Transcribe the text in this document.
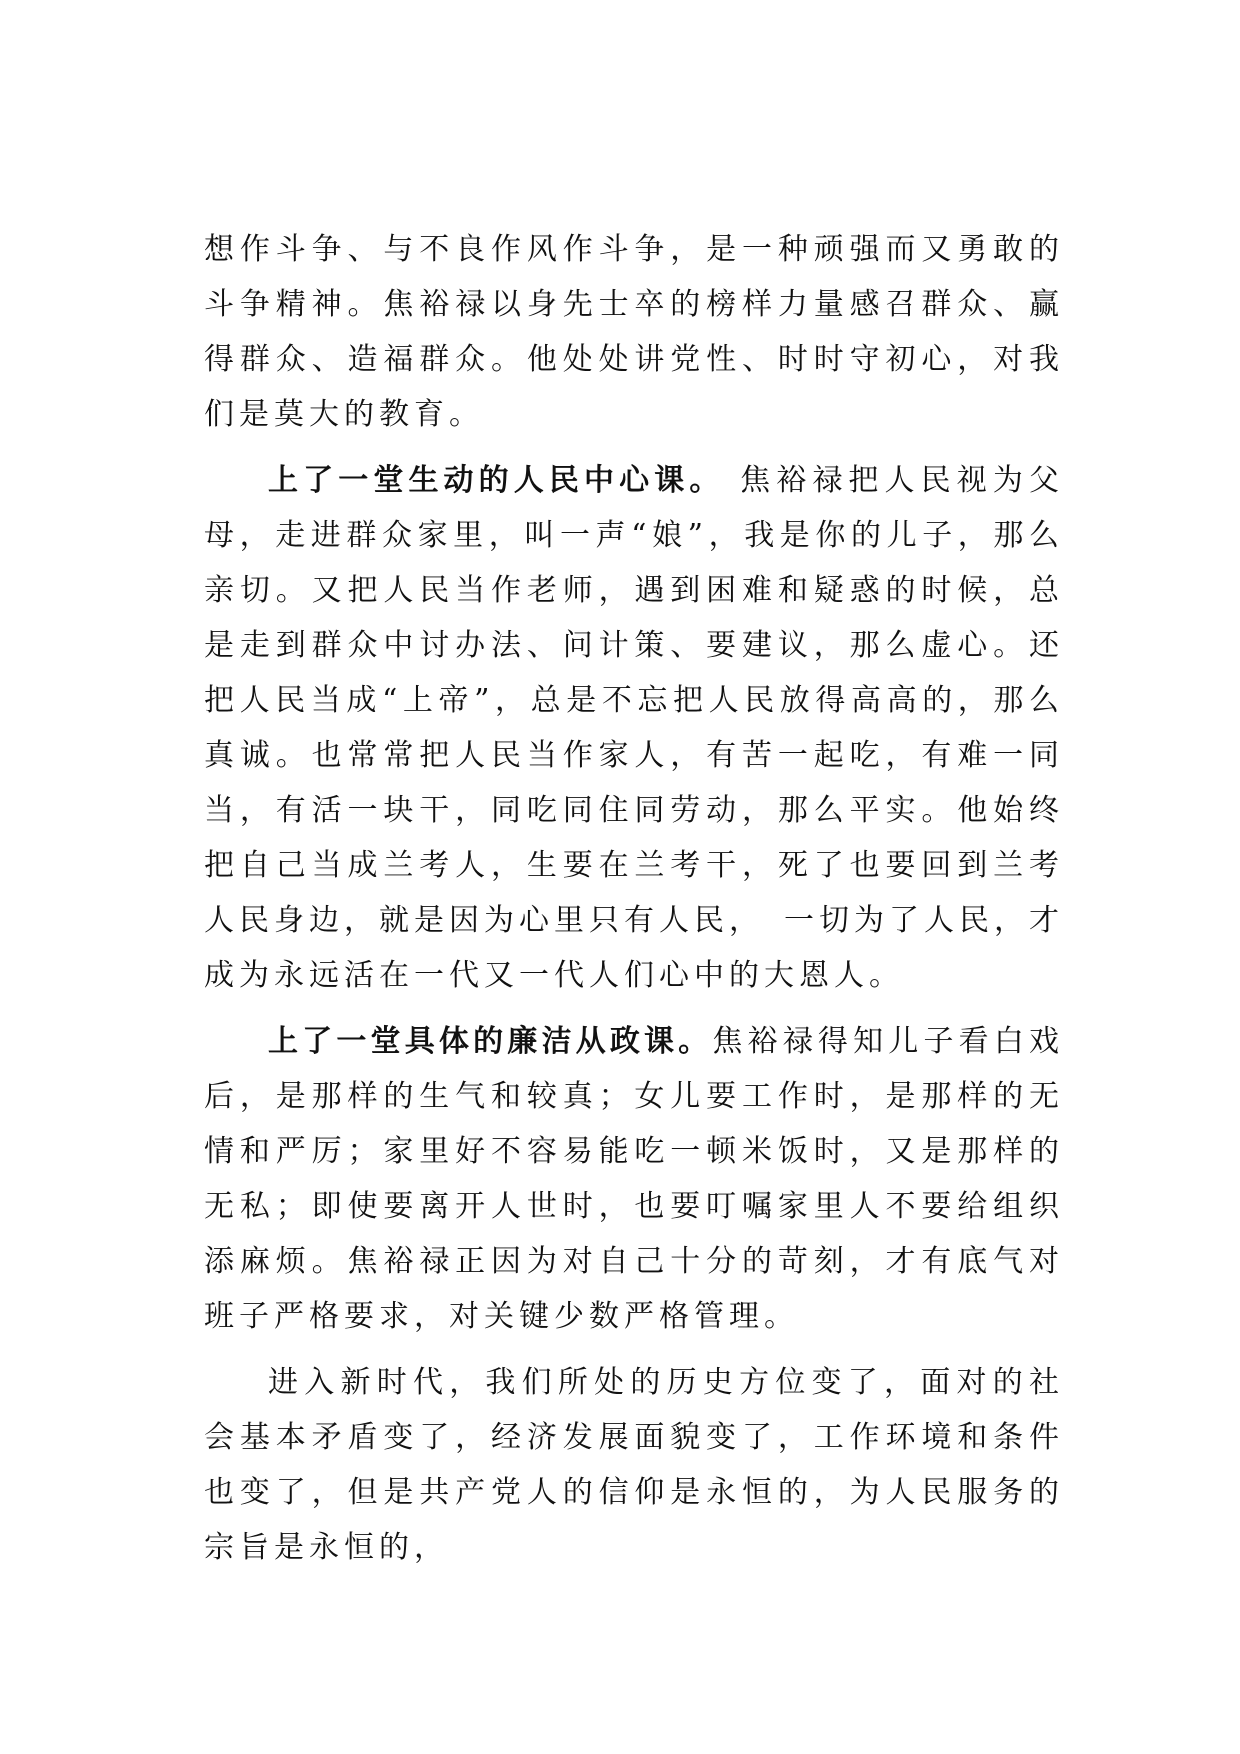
想作斗争、与不良作风作斗争，是一种顽强而又勇敢的斗争精神。焦裕禄以身先士卒的榜样力量感召群众、赢得群众、造福群众。他处处讲党性、时时守初心，对我们是莫大的教育。

上了一堂生动的人民中心课。 焦裕禄把人民视为父母，走进群众家里，叫一声“娘”，我是你的儿子，那么亲切。又把人民当作老师，遇到困难和疑惑的时候，总是走到群众中讨办法、问计策、要建议，那么虚心。还把人民当成“上帝”，总是不忘把人民放得高高的，那么真诚。也常常把人民当作家人，有苦一起吃，有难一同当，有活一块干，同吃同住同劳动，那么平实。他始终把自己当成兰考人，生要在兰考干，死了也要回到兰考人民身边，就是因为心里只有人民，　一切为了人民，才成为永远活在一代又一代人们心中的大恩人。

上了一堂具体的廉洁从政课。焦裕禄得知儿子看白戏后，是那样的生气和较真；女儿要工作时，是那样的无情和严厉；家里好不容易能吃一顿米饭时，又是那样的无私；即使要离开人世时，也要叮嘱家里人不要给组织添麻烦。焦裕禄正因为对自己十分的苛刻，才有底气对班子严格要求，对关键少数严格管理。

进入新时代，我们所处的历史方位变了，面对的社会基本矛盾变了，经济发展面貌变了，工作环境和条件也变了，但是共产党人的信仰是永恒的，为人民服务的宗旨是永恒的，
